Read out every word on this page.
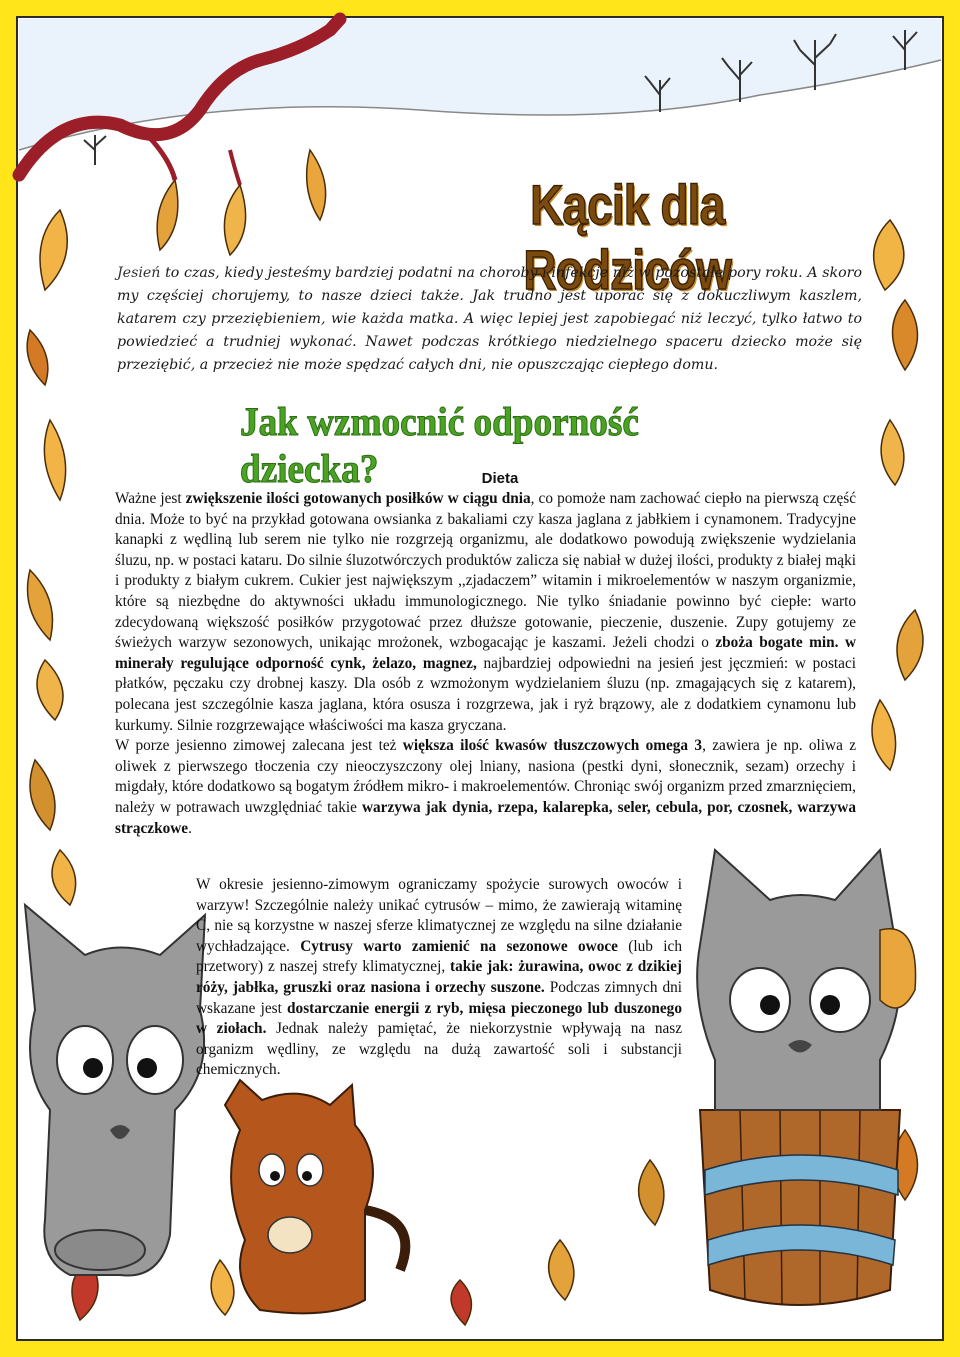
Kącik dla Rodziców
Jesień to czas, kiedy jesteśmy bardziej podatni na choroby i infekcje niż w pozostałe pory roku. A skoro my częściej chorujemy, to nasze dzieci także. Jak trudno jest uporać się z dokuczliwym kaszlem, katarem czy przeziębieniem, wie każda matka. A więc lepiej jest zapobiegać niż leczyć, tylko łatwo to powiedzieć a trudniej wykonać. Nawet podczas krótkiego niedzielnego spaceru dziecko może się przeziębić, a przecież nie może spędzać całych dni, nie opuszczając ciepłego domu.
Jak wzmocnić odporność dziecka?	Dieta

Ważne jest zwiększenie ilości gotowanych posiłków w ciągu dnia, co pomoże nam zachować ciepło na pierwszą część dnia. Może to być na przykład gotowana owsianka z bakaliami czy kasza jaglana z jabłkiem i cynamonem. Tradycyjne kanapki z wędliną lub serem nie tylko nie rozgrzeją organizmu, ale dodatkowo powodują zwiększenie wydzielania śluzu, np. w postaci kataru. Do silnie śluzotwórczych produktów zalicza się nabiał w dużej ilości, produkty z białej mąki i produkty z białym cukrem. Cukier jest największym ,,zjadaczem” witamin i mikroelementów w naszym organizmie, które są niezbędne do aktywności układu immunologicznego. Nie tylko śniadanie powinno być ciepłe: warto zdecydowaną większość posiłków przygotować przez dłuższe gotowanie, pieczenie, duszenie. Zupy gotujemy ze świeżych warzyw sezonowych, unikając mrożonek, wzbogacając je kaszami. Jeżeli chodzi o zboża bogate min. w minerały regulujące odporność cynk, żelazo, magnez, najbardziej odpowiedni na jesień jest jęczmień: w postaci płatków, pęczaku czy drobnej kaszy. Dla osób z wzmożonym wydzielaniem śluzu (np. zmagających się z katarem), polecana jest szczególnie kasza jaglana, która osusza i rozgrzewa, jak i ryż brązowy, ale z dodatkiem cynamonu lub kurkumy. Silnie rozgrzewające właściwości ma kasza gryczana.

W porze jesienno zimowej zalecana jest też większa ilość kwasów tłuszczowych omega 3, zawiera je np. oliwa z oliwek z pierwszego tłoczenia czy nieoczyszczony olej lniany, nasiona (pestki dyni, słonecznik, sezam) orzechy i migdały, które dodatkowo są bogatym źródłem mikro- i makroelementów. Chroniąc swój organizm przed zmarznięciem, należy w potrawach uwzględniać takie warzywa jak dynia, rzepa, kalarepka, seler, cebula, por, czosnek, warzywa strączkowe.

W okresie jesienno-zimowym ograniczamy spożycie surowych owoców i warzyw! Szczególnie należy unikać cytrusów – mimo, że zawierają witaminę C, nie są korzystne w naszej sferze klimatycznej ze względu na silne działanie wychładzające. Cytrusy warto zamienić na sezonowe owoce (lub ich przetwory) z naszej strefy klimatycznej, takie jak: żurawina, owoc z dzikiej róży, jabłka, gruszki oraz nasiona i orzechy suszone. Podczas zimnych dni wskazane jest dostarczanie energii z ryb, mięsa pieczonego lub duszonego w ziołach. Jednak należy pamiętać, że niekorzystnie wpływają na nasz organizm wędliny, ze względu na dużą zawartość soli i substancji chemicznych.
